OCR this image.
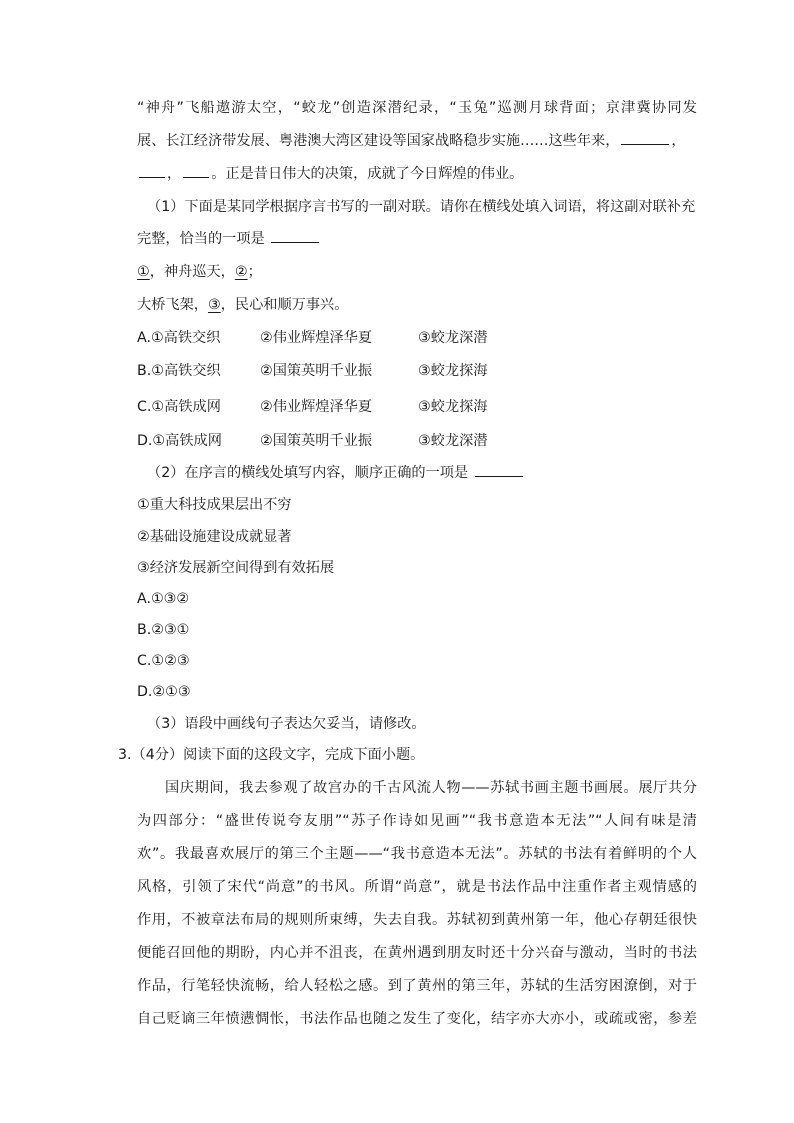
“神舟”飞船遨游太空，“蛟龙”创造深潜纪录，“玉兔”巡测月球背面；京津冀协同发
展、长江经济带发展、粤港澳大湾区建设等国家战略稳步实施……这些年来，	，
， 。正是昔日伟大的决策，成就了今日辉煌的伟业。
（1）下面是某同学根据序言书写的一副对联。请你在横线处填入词语，将这副对联补充
完整，恰当的一项是
①，神舟巡天，②；
大桥飞架，③，民心和顺万事兴。
A.①高铁交织	②伟业辉煌泽华夏	③蛟龙深潜
B.①高铁交织	②国策英明千业振	③蛟龙探海
C.①高铁成网	②伟业辉煌泽华夏	③蛟龙探海
D.①高铁成网	②国策英明千业振	③蛟龙深潜
（2）在序言的横线处填写内容，顺序正确的一项是
①重大科技成果层出不穷
②基础设施建设成就显著
③经济发展新空间得到有效拓展
A.①③②
B.②③①
C.①②③
D.②①③
（3）语段中画线句子表达欠妥当，请修改。
3.（4分）阅读下面的这段文字，完成下面小题。
国庆期间，我去参观了故宫办的千古风流人物——苏轼书画主题书画展。展厅共分
为四部分：“盛世传说夸友朋”“苏子作诗如见画”“我书意造本无法”“人间有味是清
欢”。我最喜欢展厅的第三个主题——“我书意造本无法”。苏轼的书法有着鲜明的个人
风格，引领了宋代“尚意”的书风。所谓“尚意”，就是书法作品中注重作者主观情感的
作用，不被章法布局的规则所束缚，失去自我。苏轼初到黄州第一年，他心存朝廷很快
便能召回他的期盼，内心并不沮丧，在黄州遇到朋友时还十分兴奋与激动，当时的书法
作品，行笔轻快流畅，给人轻松之感。到了黄州的第三年，苏轼的生活穷困潦倒，对于
自己贬谪三年愤懑惆怅，书法作品也随之发生了变化，结字亦大亦小，或疏或密，参差
